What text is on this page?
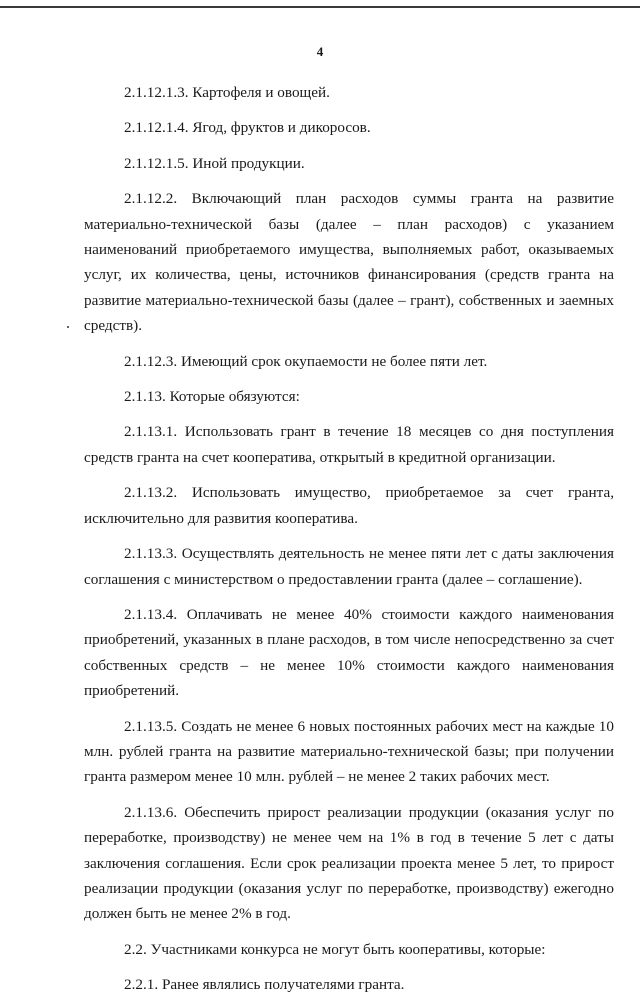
4

2.1.12.1.3. Картофеля и овощей.

2.1.12.1.4. Ягод, фруктов и дикоросов.

2.1.12.1.5. Иной продукции.

2.1.12.2. Включающий план расходов суммы гранта на развитие материально-технической базы (далее – план расходов) с указанием наименований приобретаемого имущества, выполняемых работ, оказываемых услуг, их количества, цены, источников финансирования (средств гранта на развитие материально-технической базы (далее – грант), собственных и заемных средств).

2.1.12.3. Имеющий срок окупаемости не более пяти лет.

2.1.13. Которые обязуются:

2.1.13.1. Использовать грант в течение 18 месяцев со дня поступления средств гранта на счет кооператива, открытый в кредитной организации.

2.1.13.2. Использовать имущество, приобретаемое за счет гранта, исключительно для развития кооператива.

2.1.13.3. Осуществлять деятельность не менее пяти лет с даты заключения соглашения с министерством о предоставлении гранта (далее – соглашение).

2.1.13.4. Оплачивать не менее 40% стоимости каждого наименования приобретений, указанных в плане расходов, в том числе непосредственно за счет собственных средств – не менее 10% стоимости каждого наименования приобретений.

2.1.13.5. Создать не менее 6 новых постоянных рабочих мест на каждые 10 млн. рублей гранта на развитие материально-технической базы; при получении гранта размером менее 10 млн. рублей – не менее 2 таких рабочих мест.

2.1.13.6. Обеспечить прирост реализации продукции (оказания услуг по переработке, производству) не менее чем на 1% в год в течение 5 лет с даты заключения соглашения. Если срок реализации проекта менее 5 лет, то прирост реализации продукции (оказания услуг по переработке, производству) ежегодно должен быть не менее 2% в год.

2.2. Участниками конкурса не могут быть кооперативы, которые:

2.2.1. Ранее являлись получателями гранта.
